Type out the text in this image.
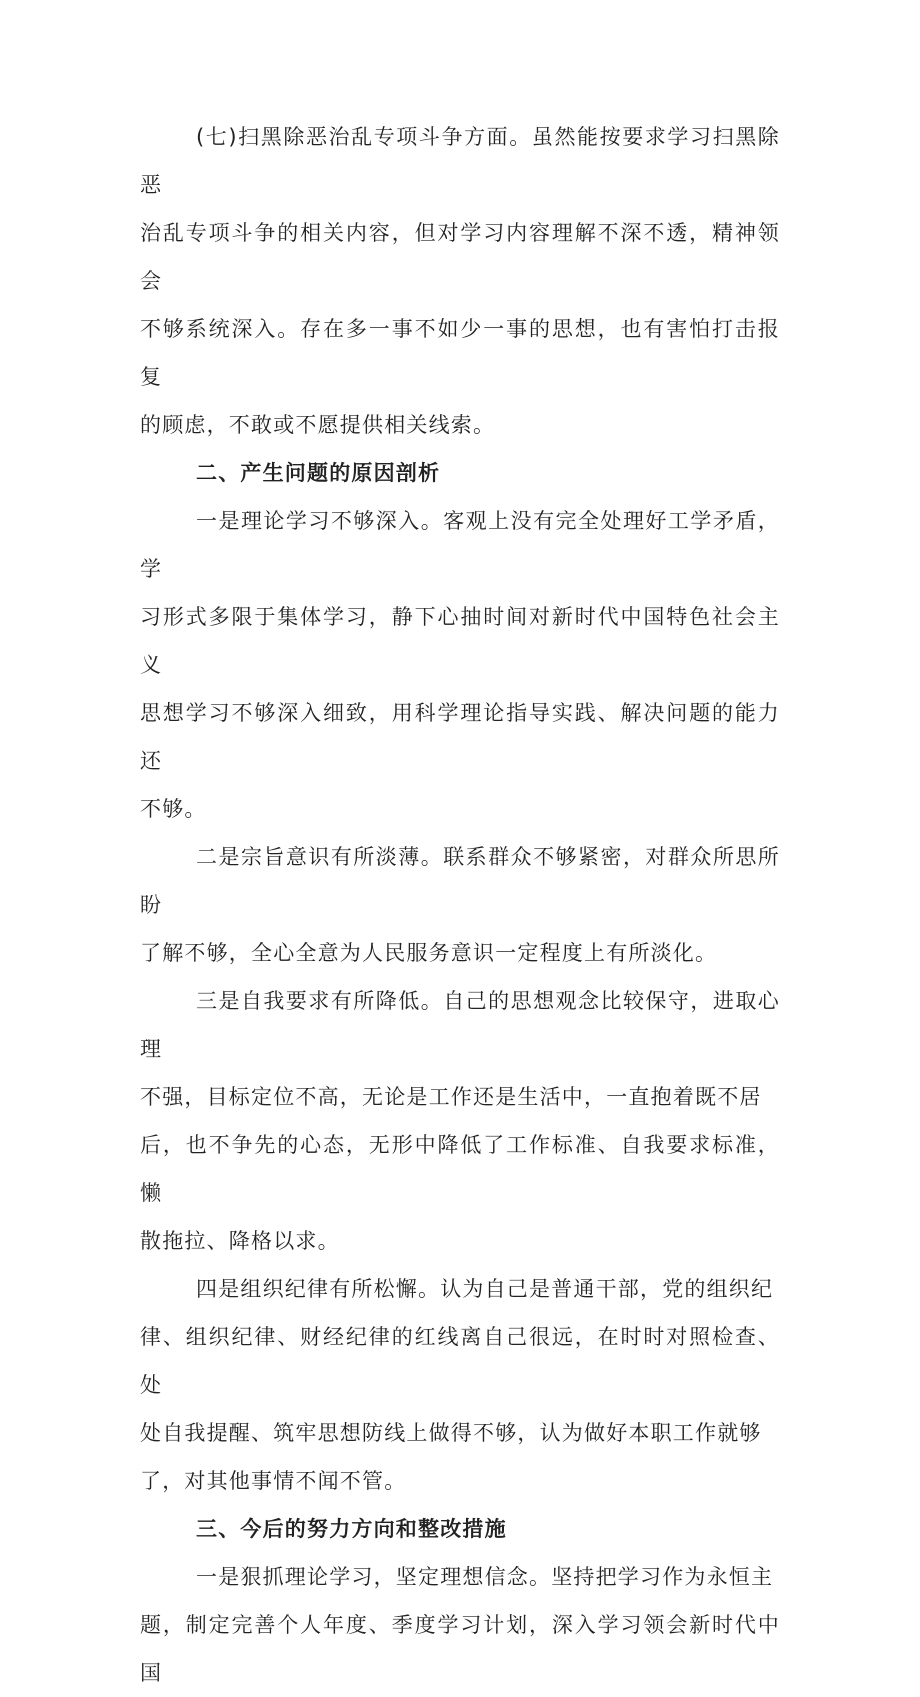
(七)扫黑除恶治乱专项斗争方面。虽然能按要求学习扫黑除恶
治乱专项斗争的相关内容，但对学习内容理解不深不透，精神领会
不够系统深入。存在多一事不如少一事的思想，也有害怕打击报复
的顾虑，不敢或不愿提供相关线索。
二、产生问题的原因剖析
一是理论学习不够深入。客观上没有完全处理好工学矛盾，学
习形式多限于集体学习，静下心抽时间对新时代中国特色社会主义
思想学习不够深入细致，用科学理论指导实践、解决问题的能力还
不够。
二是宗旨意识有所淡薄。联系群众不够紧密，对群众所思所盼
了解不够，全心全意为人民服务意识一定程度上有所淡化。
三是自我要求有所降低。自己的思想观念比较保守，进取心理
不强，目标定位不高，无论是工作还是生活中，一直抱着既不居
后，也不争先的心态，无形中降低了工作标准、自我要求标准，懒
散拖拉、降格以求。
四是组织纪律有所松懈。认为自己是普通干部，党的组织纪
律、组织纪律、财经纪律的红线离自己很远，在时时对照检查、处
处自我提醒、筑牢思想防线上做得不够，认为做好本职工作就够
了，对其他事情不闻不管。
三、今后的努力方向和整改措施
一是狠抓理论学习，坚定理想信念。坚持把学习作为永恒主
题，制定完善个人年度、季度学习计划，深入学习领会新时代中国
